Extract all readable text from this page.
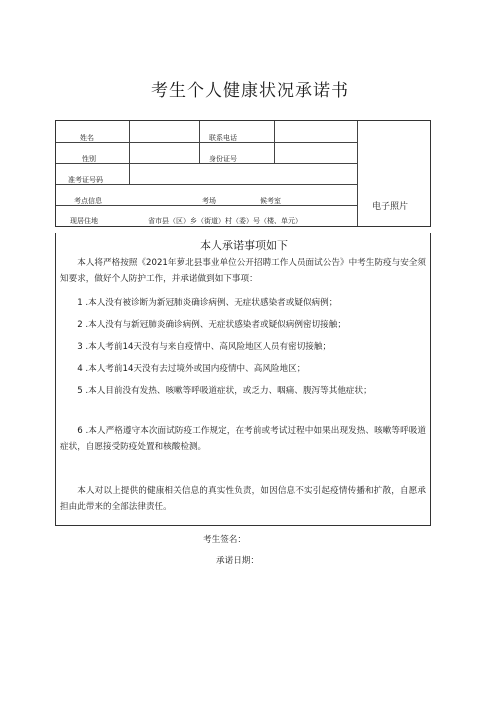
考生个人健康状况承诺书
姓名	联系电话
性别	身份证号
准考证号码
考点信息	考场	候考室
现居住地	省市县（区）乡（街道）村（委）号（楼、单元）
电子照片
本人承诺事项如下
本人将严格按照《2021年萝北县事业单位公开招聘工作人员面试公告》中考生防疫与安全须知要求，做好个人防护工作，并承诺做到如下事项：
1 .本人没有被诊断为新冠肺炎确诊病例、无症状感染者或疑似病例；
2 .本人没有与新冠肺炎确诊病例、无症状感染者或疑似病例密切接触；
3 .本人考前14天没有与来自疫情中、高风险地区人员有密切接触；
4 .本人考前14天没有去过境外或国内疫情中、高风险地区；
5 .本人目前没有发热、咳嗽等呼吸道症状，或乏力、咽痛、腹泻等其他症状；
6 .本人严格遵守本次面试防疫工作规定，在考前或考试过程中如果出现发热、咳嗽等呼吸道症状，自愿接受防疫处置和核酸检测。
本人对以上提供的健康相关信息的真实性负责，如因信息不实引起疫情传播和扩散，自愿承担由此带来的全部法律责任。
考生签名：
承诺日期：
